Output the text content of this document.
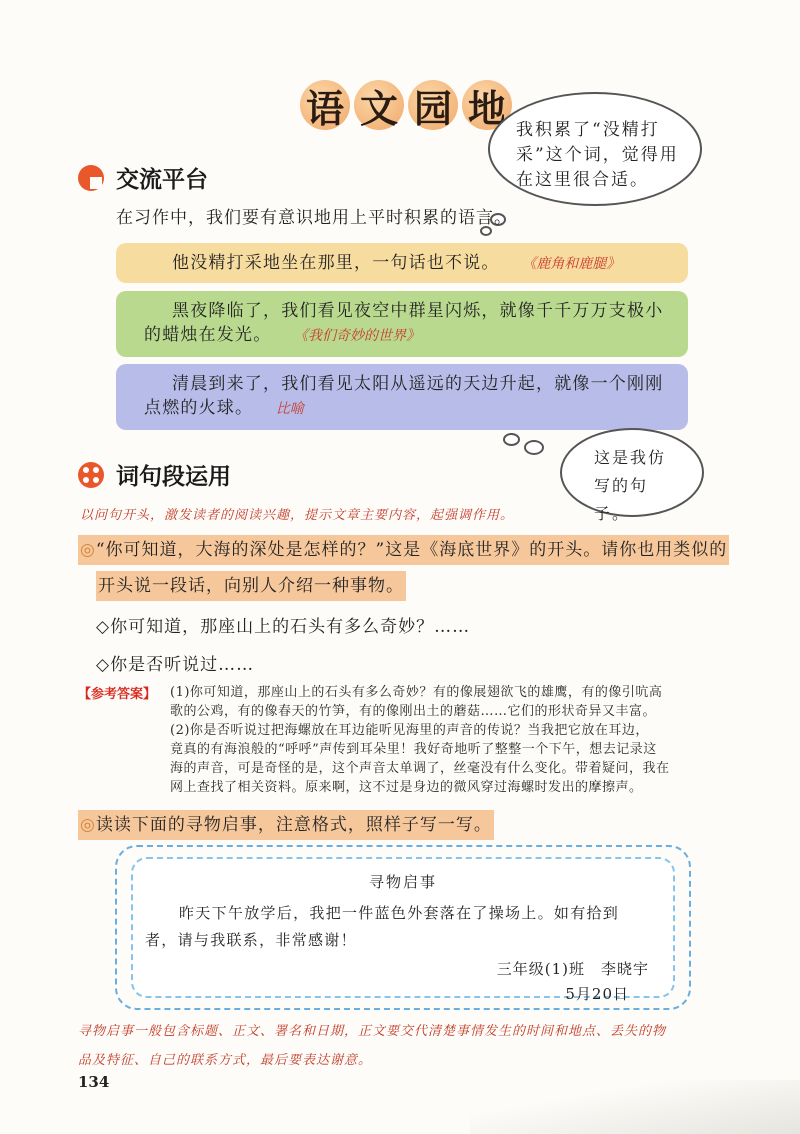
语 文 园 地 我积累了“没精打采”这个词，觉得用在这里很合适。
交流平台
在习作中，我们要有意识地用上平时积累的语言。
他没精打采地坐在那里，一句话也不说。 《鹿角和鹿腿》
黑夜降临了，我们看见夜空中群星闪烁，就像千千万万支极小的蜡烛在发光。 《我们奇妙的世界》
清晨到来了，我们看见太阳从遥远的天边升起，就像一个刚刚点燃的火球。 比喻
这是我仿写的句子。
词句段运用
以问句开头，激发读者的阅读兴趣，提示文章主要内容，起强调作用。
◎“你可知道，大海的深处是怎样的？”这是《海底世界》的开头。请你也用类似的
开头说一段话，向别人介绍一种事物。
◇你可知道，那座山上的石头有多么奇妙？……
◇你是否听说过……
【参考答案】 (1)你可知道，那座山上的石头有多么奇妙？有的像展翅欲飞的雄鹰，有的像引吭高
歌的公鸡，有的像春天的竹笋，有的像刚出土的蘑菇……它们的形状奇异又丰富。
(2)你是否听说过把海螺放在耳边能听见海里的声音的传说？当我把它放在耳边，
竟真的有海浪般的“呼呼”声传到耳朵里！我好奇地听了整整一个下午，想去记录这
海的声音，可是奇怪的是，这个声音太单调了，丝毫没有什么变化。带着疑问，我在
网上查找了相关资料。原来啊，这不过是身边的微风穿过海螺时发出的摩擦声。
◎读读下面的寻物启事，注意格式，照样子写一写。
寻物启事
昨天下午放学后，我把一件蓝色外套落在了操场上。如有拾到
者，请与我联系，非常感谢！
三年级(1)班　李晓宇
5月20日
寻物启事一般包含标题、正文、署名和日期，正文要交代清楚事情发生的时间和地点、丢失的物
品及特征、自己的联系方式，最后要表达谢意。
134
